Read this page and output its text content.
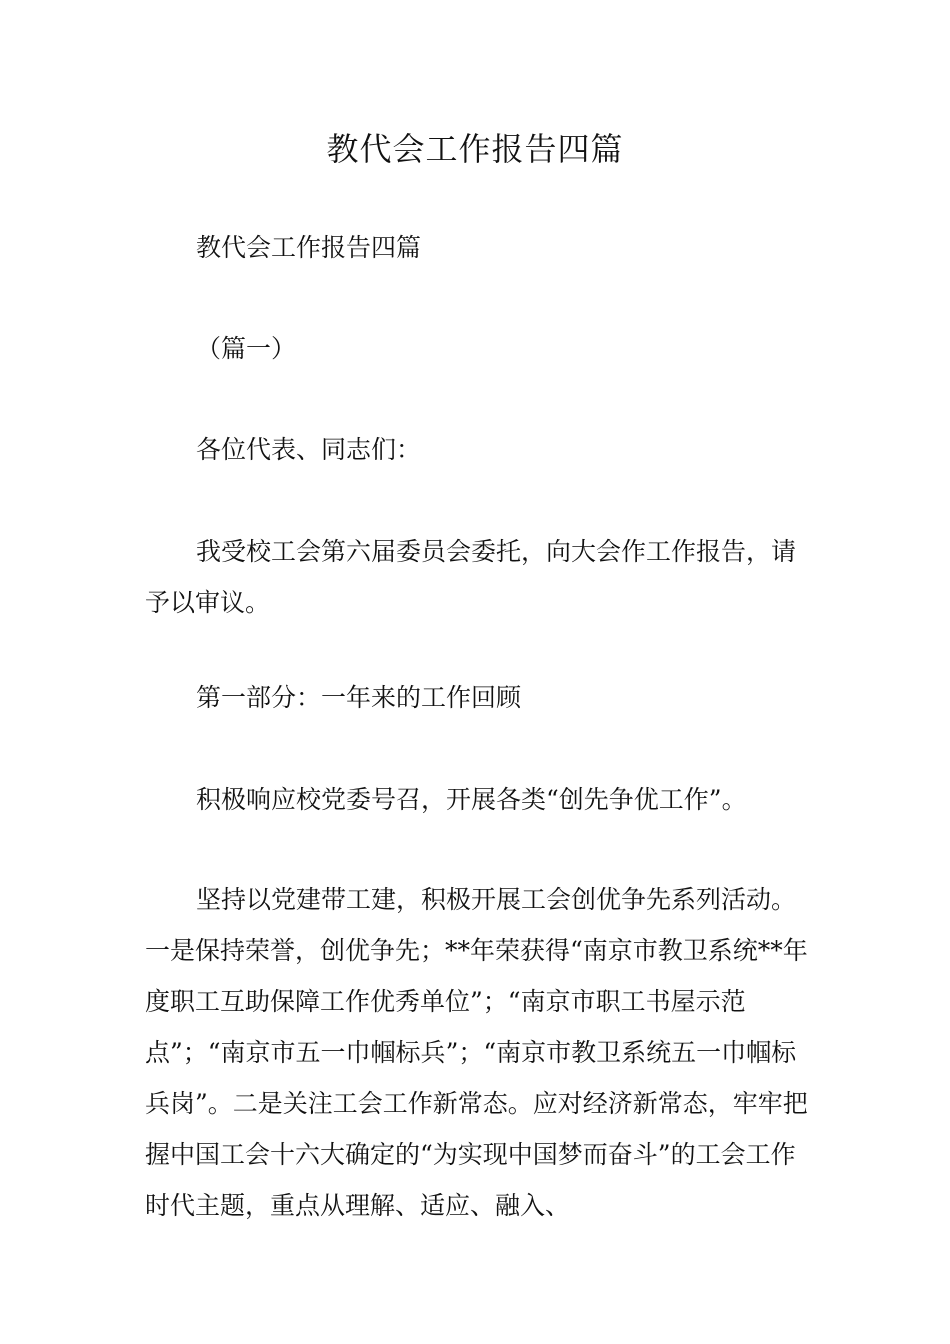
教代会工作报告四篇

教代会工作报告四篇

（篇一）

各位代表、同志们：

我受校工会第六届委员会委托，向大会作工作报告，请予以审议。

第一部分：一年来的工作回顾

积极响应校党委号召，开展各类“创先争优工作”。

坚持以党建带工建，积极开展工会创优争先系列活动。一是保持荣誉，创优争先；**年荣获得“南京市教卫系统**年度职工互助保障工作优秀单位”；“南京市职工书屋示范点”；“南京市五一巾帼标兵”；“南京市教卫系统五一巾帼标兵岗”。二是关注工会工作新常态。应对经济新常态，牢牢把握中国工会十六大确定的“为实现中国梦而奋斗”的工会工作时代主题，重点从理解、适应、融入、
